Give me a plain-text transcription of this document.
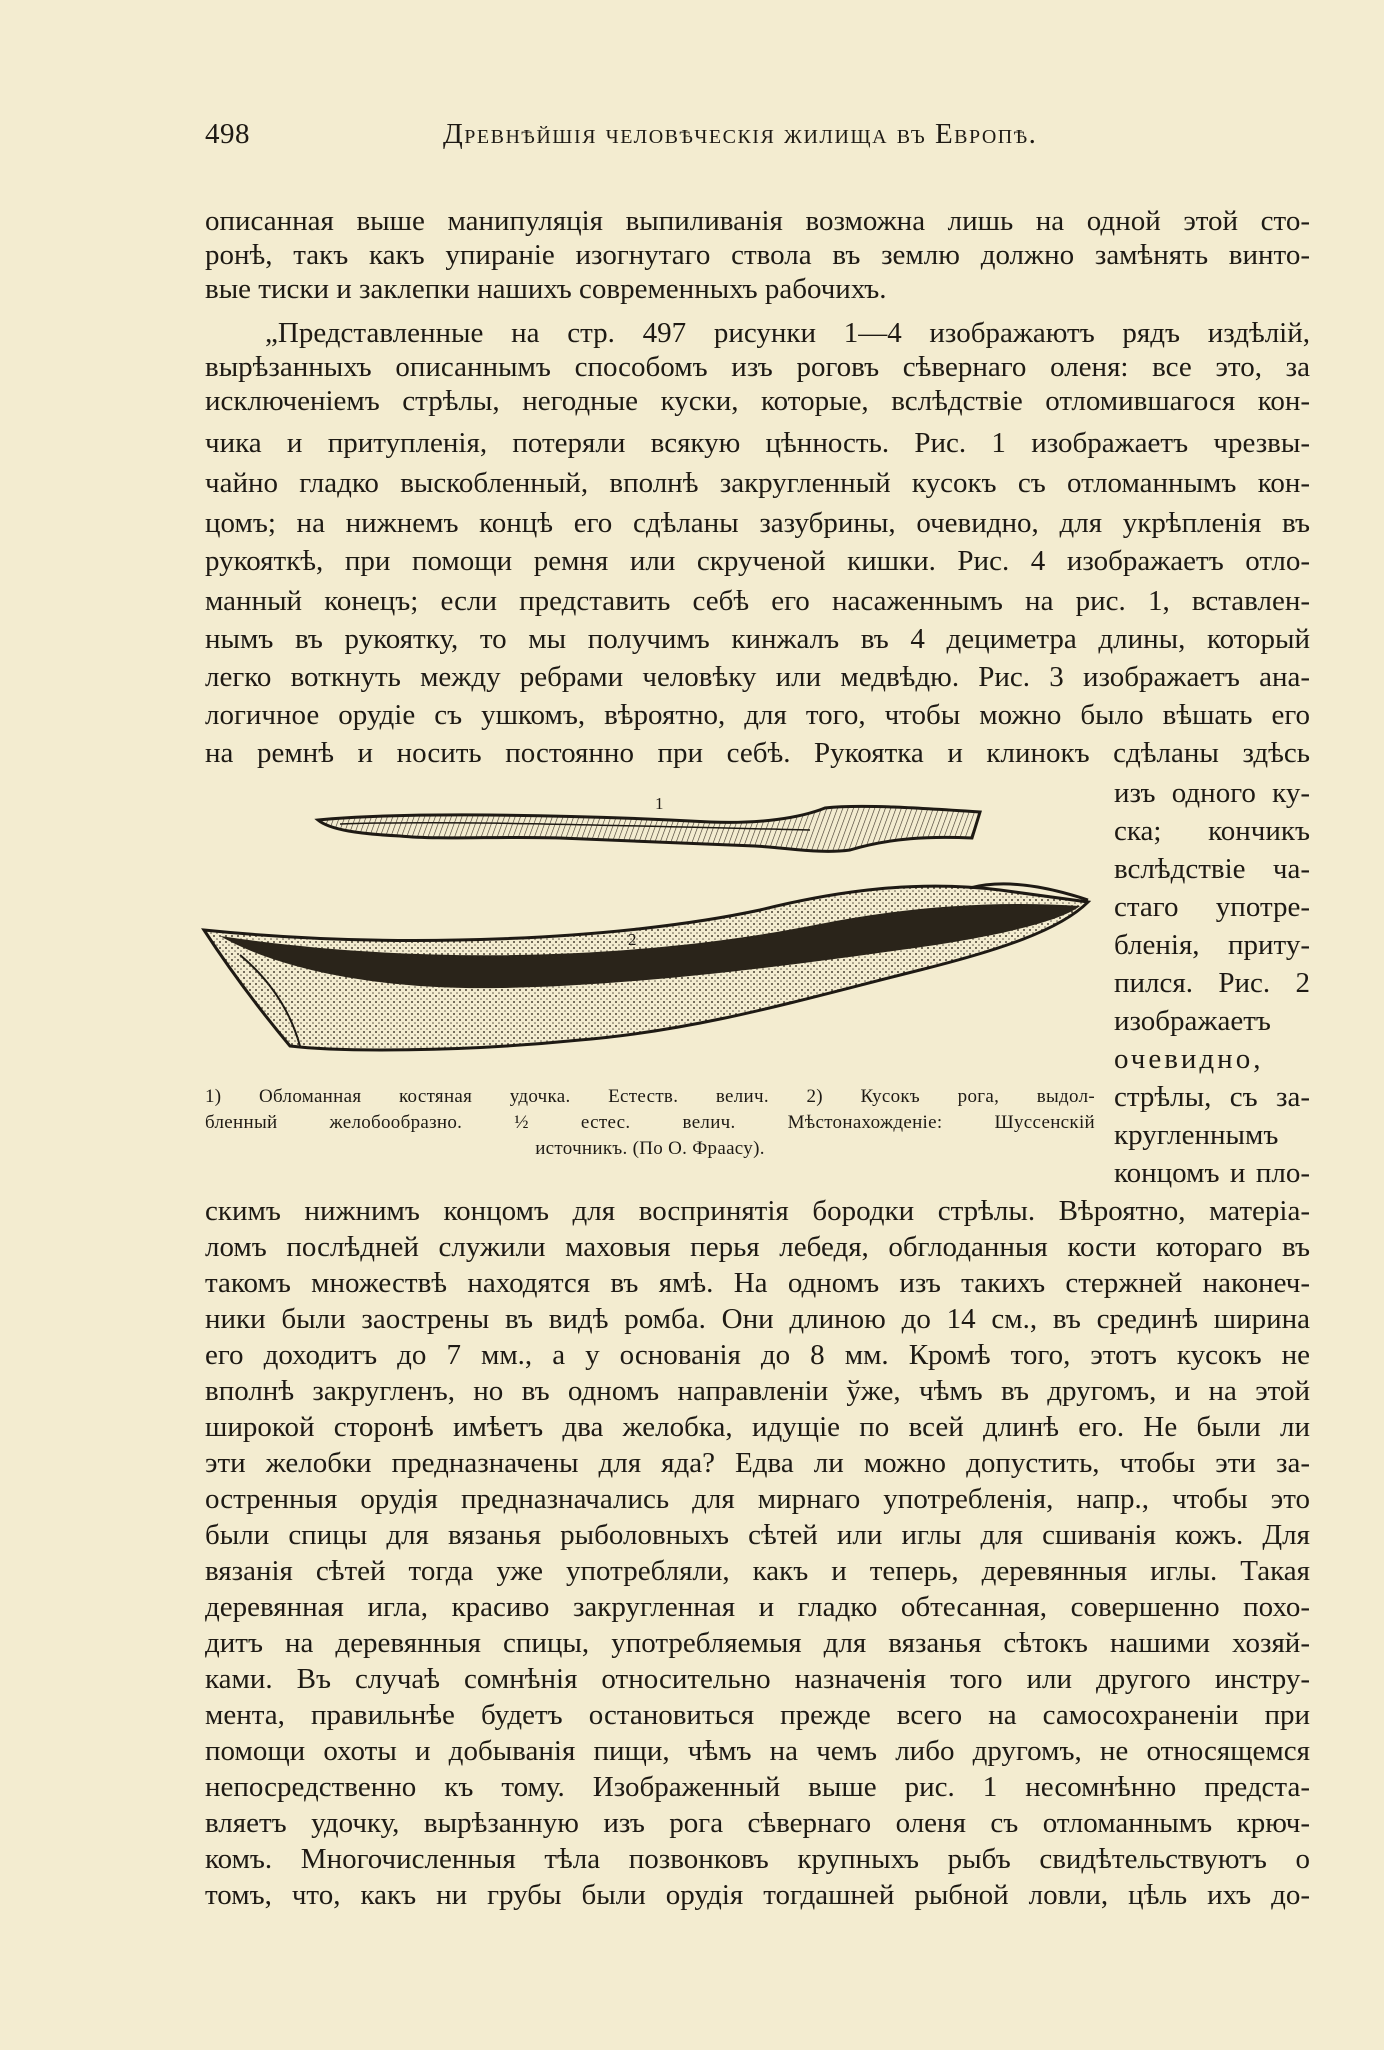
498	Древнѣйшія человѣческія жилища въ Европѣ.
описанная выше манипуляція выпиливанія возможна лишь на одной этой сто-
ронѣ, такъ какъ упираніе изогнутаго ствола въ землю должно замѣнять винто-
вые тиски и заклепки нашихъ современныхъ рабочихъ.
„Представленные на стр. 497 рисунки 1—4 изображаютъ рядъ издѣлій,
вырѣзанныхъ описаннымъ способомъ изъ роговъ сѣвернаго оленя: все это, за
исключеніемъ стрѣлы, негодные куски, которые, вслѣдствіе отломившагося кон-
чика и притупленія, потеряли всякую цѣнность. Рис. 1 изображаетъ чрезвы-
чайно гладко выскобленный, вполнѣ закругленный кусокъ съ отломаннымъ кон-
цомъ; на нижнемъ концѣ его сдѣланы зазубрины, очевидно, для укрѣпленія въ
рукояткѣ, при помощи ремня или скрученой кишки. Рис. 4 изображаетъ отло-
манный конецъ; если представить себѣ его насаженнымъ на рис. 1, вставлен-
нымъ въ рукоятку, то мы получимъ кинжалъ въ 4 дециметра длины, который
легко воткнуть между ребрами человѣку или медвѣдю. Рис. 3 изображаетъ ана-
логичное орудіе съ ушкомъ, вѣроятно, для того, чтобы можно было вѣшать его
на ремнѣ и носить постоянно при себѣ. Рукоятка и клинокъ сдѣланы здѣсь
изъ одного ку-
ска; кончикъ
вслѣдствіе ча-
стаго употре-
бленія, приту-
пился. Рис. 2
изображаетъ
очевидно,
стрѣлы, съ за-
кругленнымъ
концомъ и пло-
1
2
1) Обломанная костяная удочка. Естеств. велич. 2) Кусокъ рога, выдол-
бленный желобообразно. ½ естес. велич. Мѣстонахожденіе: Шуссенскій
источникъ. (По О. Фраасу).
скимъ нижнимъ концомъ для воспринятія бородки стрѣлы. Вѣроятно, матеріа-
ломъ послѣдней служили маховыя перья лебедя, обглоданныя кости котораго въ
такомъ множествѣ находятся въ ямѣ. На одномъ изъ такихъ стержней наконеч-
ники были заострены въ видѣ ромба. Они длиною до 14 см., въ срединѣ ширина
его доходитъ до 7 мм., а у основанія до 8 мм. Кромѣ того, этотъ кусокъ не
вполнѣ закругленъ, но въ одномъ направленіи ўже, чѣмъ въ другомъ, и на этой
широкой сторонѣ имѣетъ два желобка, идущіе по всей длинѣ его. Не были ли
эти желобки предназначены для яда? Едва ли можно допустить, чтобы эти за-
остренныя орудія предназначались для мирнаго употребленія, напр., чтобы это
были спицы для вязанья рыболовныхъ сѣтей или иглы для сшиванія кожъ. Для
вязанія сѣтей тогда уже употребляли, какъ и теперь, деревянныя иглы. Такая
деревянная игла, красиво закругленная и гладко обтесанная, совершенно похо-
дитъ на деревянныя спицы, употребляемыя для вязанья сѣтокъ нашими хозяй-
ками. Въ случаѣ сомнѣнія относительно назначенія того или другого инстру-
мента, правильнѣе будетъ остановиться прежде всего на самосохраненіи при
помощи охоты и добыванія пищи, чѣмъ на чемъ либо другомъ, не относящемся
непосредственно къ тому. Изображенный выше рис. 1 несомнѣнно предста-
вляетъ удочку, вырѣзанную изъ рога сѣвернаго оленя съ отломаннымъ крюч-
комъ. Многочисленныя тѣла позвонковъ крупныхъ рыбъ свидѣтельствуютъ о
томъ, что, какъ ни грубы были орудія тогдашней рыбной ловли, цѣль ихъ до-
